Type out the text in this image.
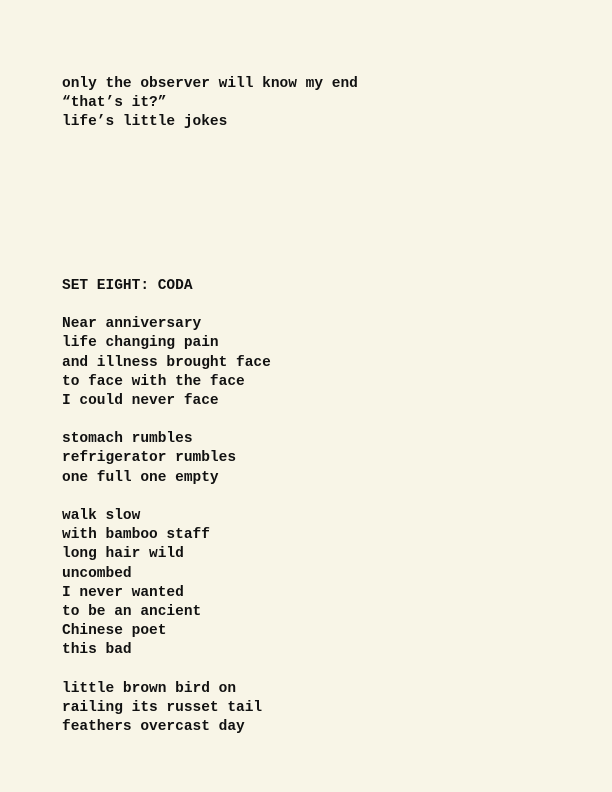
only the observer will know my end
“that’s it?”
life’s little jokes
SET EIGHT: CODA
Near anniversary
life changing pain
and illness brought face
to face with the face
I could never face
stomach rumbles
refrigerator rumbles
one full one empty
walk slow
with bamboo staff
long hair wild
uncombed
I never wanted
to be an ancient
Chinese poet
this bad
little brown bird on
railing its russet tail
feathers overcast day
